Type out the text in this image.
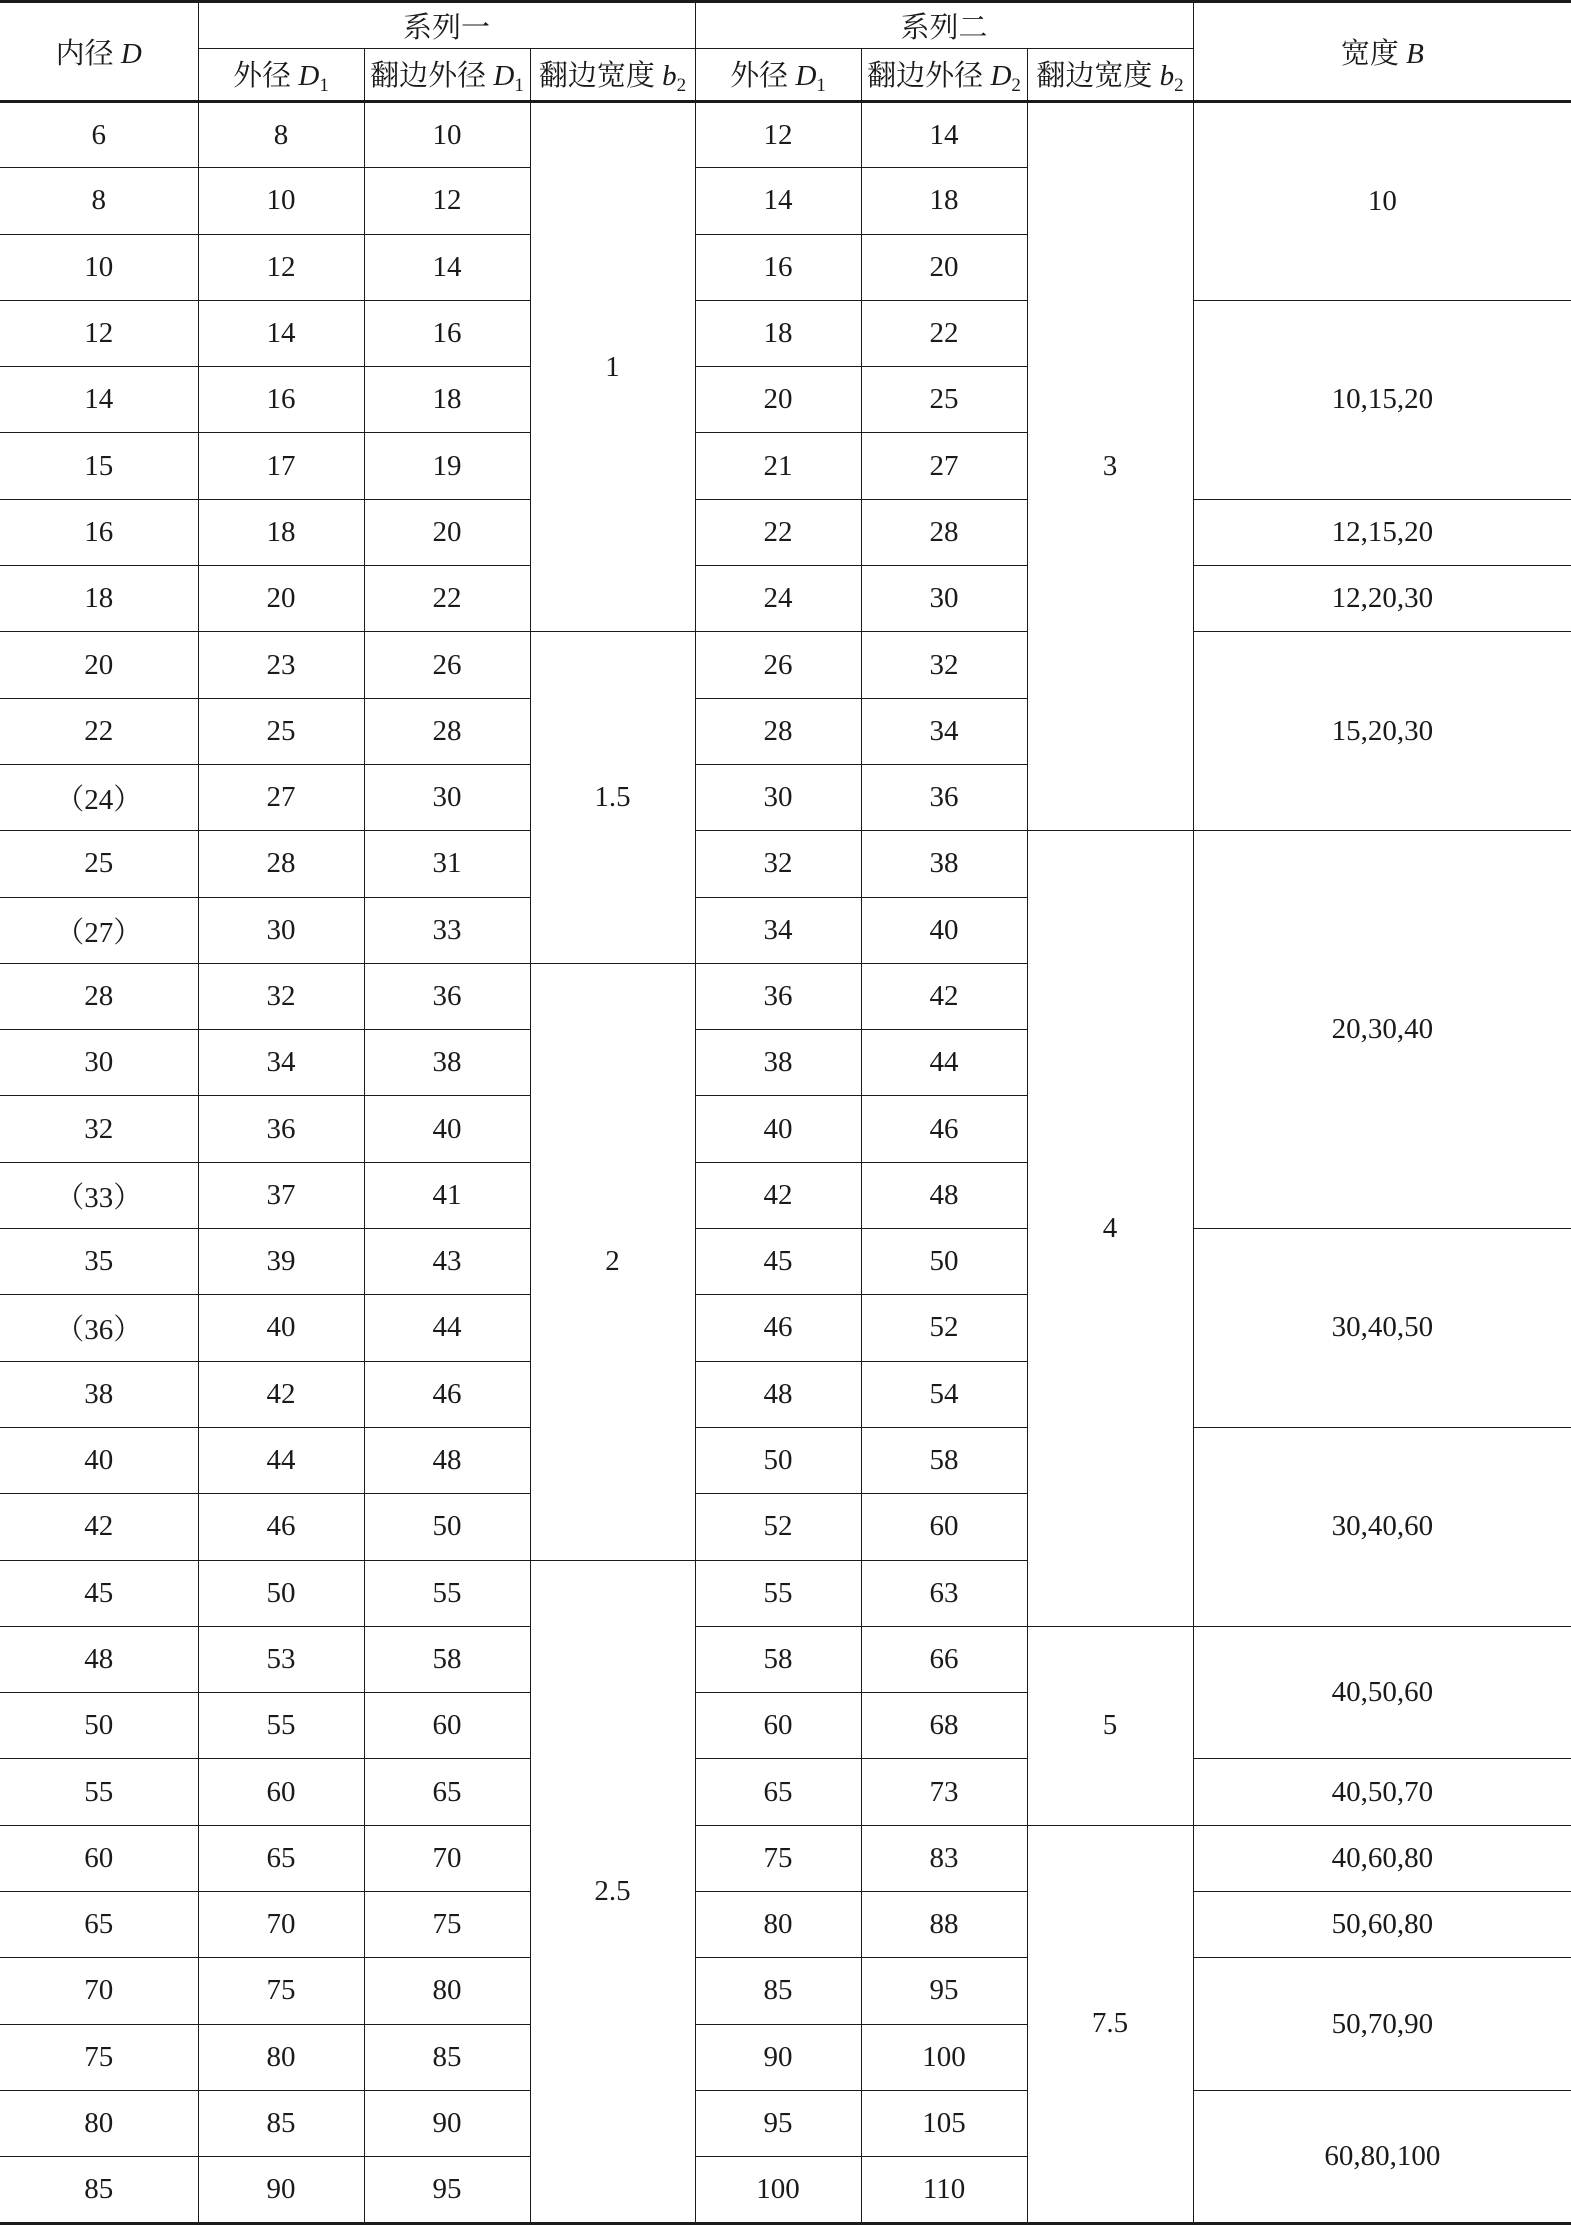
内径 D	系列一			系列二			宽度 B
	外径 $D_1$	翻边外径 $D_1$	翻边宽度 $b_2$	外径 $D_1$	翻边外径 $D_2$	翻边宽度 $b_2$
6	8	10	1	12	14	3	10
8	10	12		14	18		
10	12	14		16	20		
12	14	16		18	22		10,15,20
14	16	18		20	25		
15	17	19		21	27		
16	18	20		22	28		12,15,20
18	20	22		24	30		12,20,30
20	23	26	1.5	26	32		15,20,30
22	25	28		28	34		
（24）	27	30		30	36		
25	28	31		32	38	4	20,30,40
（27）	30	33		34	40		
28	32	36	2	36	42		
30	34	38		38	44		
32	36	40		40	46		
（33）	37	41		42	48		
35	39	43		45	50		30,40,50
（36）	40	44		46	52		
38	42	46		48	54		
40	44	48		50	58		30,40,60
42	46	50		52	60		
45	50	55	2.5	55	63		
48	53	58		58	66	5	40,50,60
50	55	60		60	68		
55	60	65		65	73		40,50,70
60	65	70		75	83	7.5	40,60,80
65	70	75		80	88		50,60,80
70	75	80		85	95		50,70,90
75	80	85		90	100		
80	85	90		95	105		60,80,100
85	90	95		100	110		
